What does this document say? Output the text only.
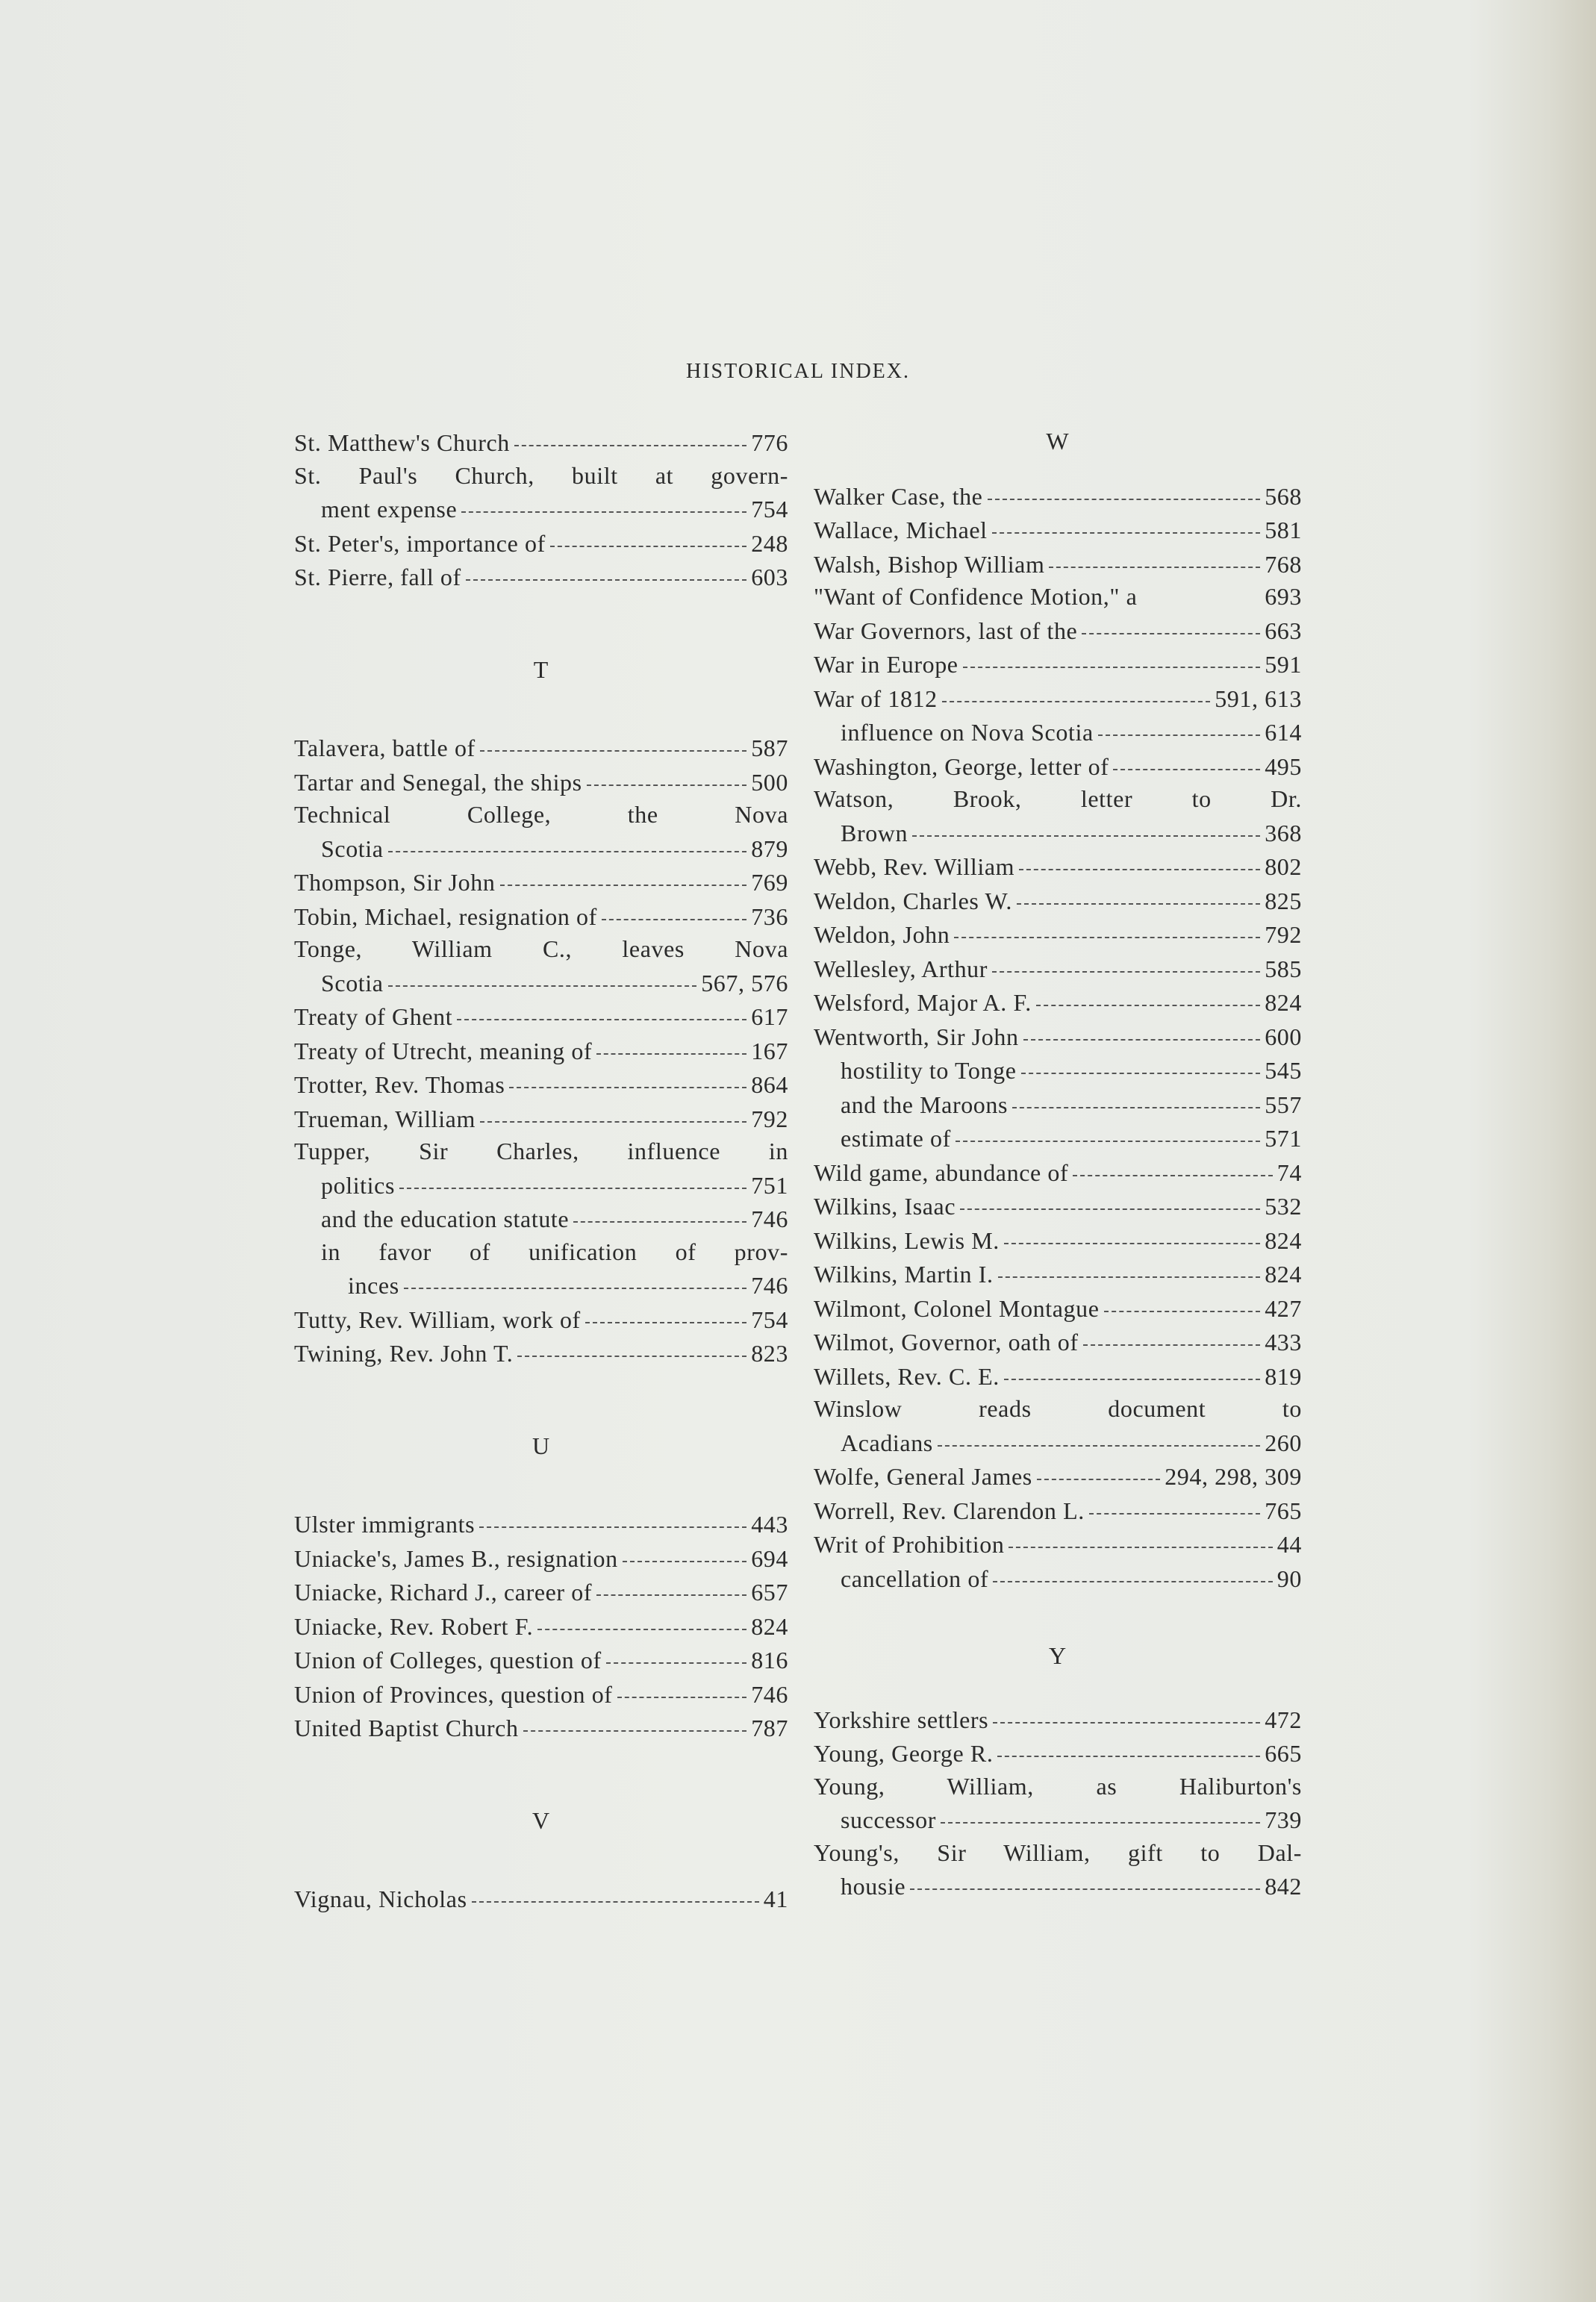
HISTORICAL INDEX.
St. Matthew's Church	776
St. Paul's Church, built at govern-
ment expense	754
St. Peter's, importance of	248
St. Pierre, fall of	603
T
Talavera, battle of	587
Tartar and Senegal, the ships	500
Technical College, the Nova
Scotia	879
Thompson, Sir John	769
Tobin, Michael, resignation of	736
Tonge, William C., leaves Nova
Scotia	567, 576
Treaty of Ghent	617
Treaty of Utrecht, meaning of	167
Trotter, Rev. Thomas	864
Trueman, William	792
Tupper, Sir Charles, influence in
politics	751
and the education statute	746
in favor of unification of prov-
inces	746
Tutty, Rev. William, work of	754
Twining, Rev. John T.	823
U
Ulster immigrants	443
Uniacke's, James B., resignation	694
Uniacke, Richard J., career of	657
Uniacke, Rev. Robert F.	824
Union of Colleges, question of	816
Union of Provinces, question of	746
United Baptist Church	787
V
Vignau, Nicholas	41
W
Walker Case, the	568
Wallace, Michael	581
Walsh, Bishop William	768
"Want of Confidence Motion," a	693
War Governors, last of the	663
War in Europe	591
War of 1812	591, 613
influence on Nova Scotia	614
Washington, George, letter of	495
Watson, Brook, letter to Dr.
Brown	368
Webb, Rev. William	802
Weldon, Charles W.	825
Weldon, John	792
Wellesley, Arthur	585
Welsford, Major A. F.	824
Wentworth, Sir John	600
hostility to Tonge	545
and the Maroons	557
estimate of	571
Wild game, abundance of	74
Wilkins, Isaac	532
Wilkins, Lewis M.	824
Wilkins, Martin I.	824
Wilmont, Colonel Montague	427
Wilmot, Governor, oath of	433
Willets, Rev. C. E.	819
Winslow reads document to
Acadians	260
Wolfe, General James	294, 298, 309
Worrell, Rev. Clarendon L.	765
Writ of Prohibition	44
cancellation of	90
Y
Yorkshire settlers	472
Young, George R.	665
Young, William, as Haliburton's
successor	739
Young's, Sir William, gift to Dal-
housie	842
